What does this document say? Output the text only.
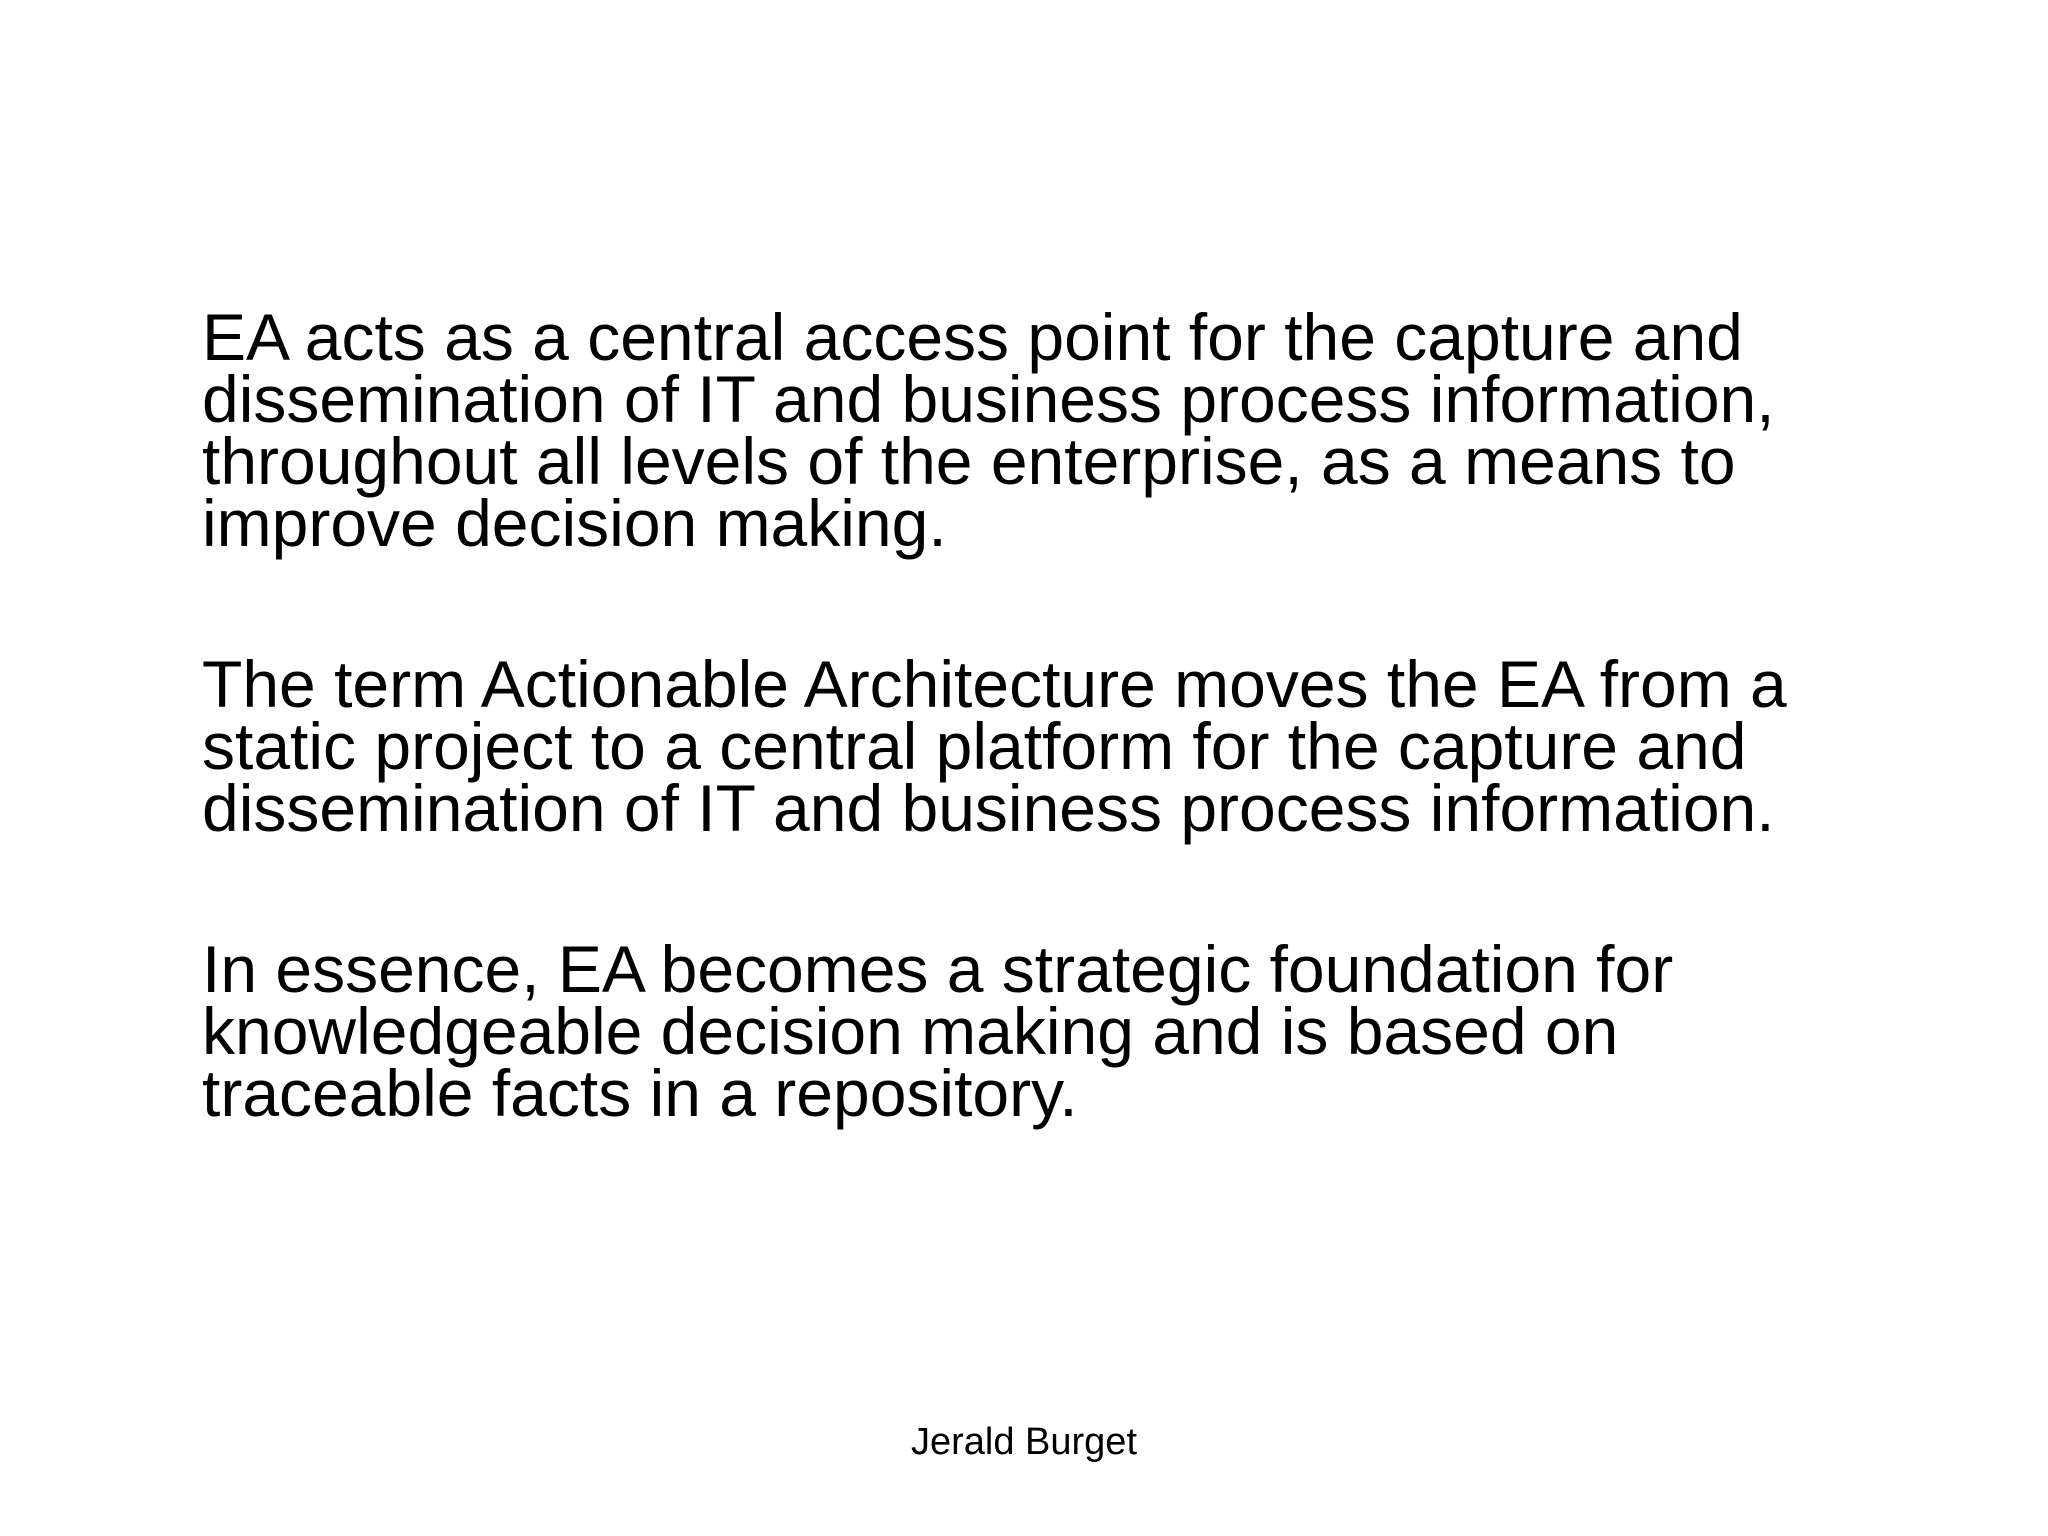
EA acts as a central access point for the capture and
dissemination of IT and business process information,
throughout all levels of the enterprise, as a means to
improve decision making.

The term Actionable Architecture moves the EA from a
static project to a central platform for the capture and
dissemination of IT and business process information.

In essence, EA becomes a strategic foundation for
knowledgeable decision making and is based on
traceable facts in a repository.

Jerald Burget
